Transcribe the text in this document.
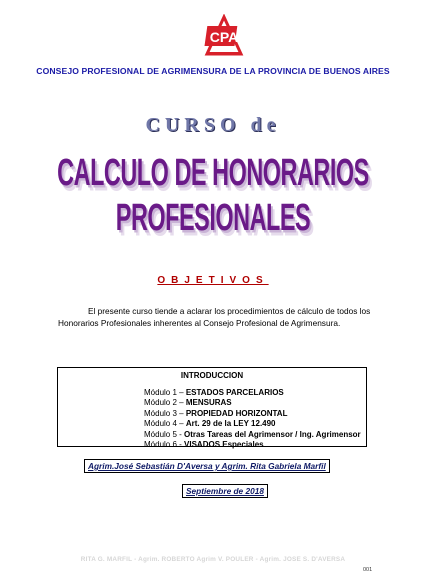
CPA
CONSEJO PROFESIONAL DE AGRIMENSURA DE LA PROVINCIA DE BUENOS AIRES
CURSO de
CALCULO DE HONORARIOS PROFESIONALES
OBJETIVOS
El presente curso tiende a aclarar los procedimientos de cálculo de todos los
Honorarios Profesionales inherentes al Consejo Profesional de Agrimensura.
INTRODUCCION
Módulo 1 – ESTADOS PARCELARIOS
Módulo 2 – MENSURAS
Módulo 3 – PROPIEDAD HORIZONTAL
Módulo 4 – Art. 29 de la LEY 12.490
Módulo 5 - Otras Tareas del Agrimensor / Ing. Agrimensor
Módulo 6 - VISADOS Especiales
Agrim.José Sebastián D'Aversa y Agrim. Rita Gabriela Marfil
Septiembre de 2018
RITA G. MARFIL - Agrim. ROBERTO Agrim V. POULER - Agrim. JOSE S. D'AVERSA
001
